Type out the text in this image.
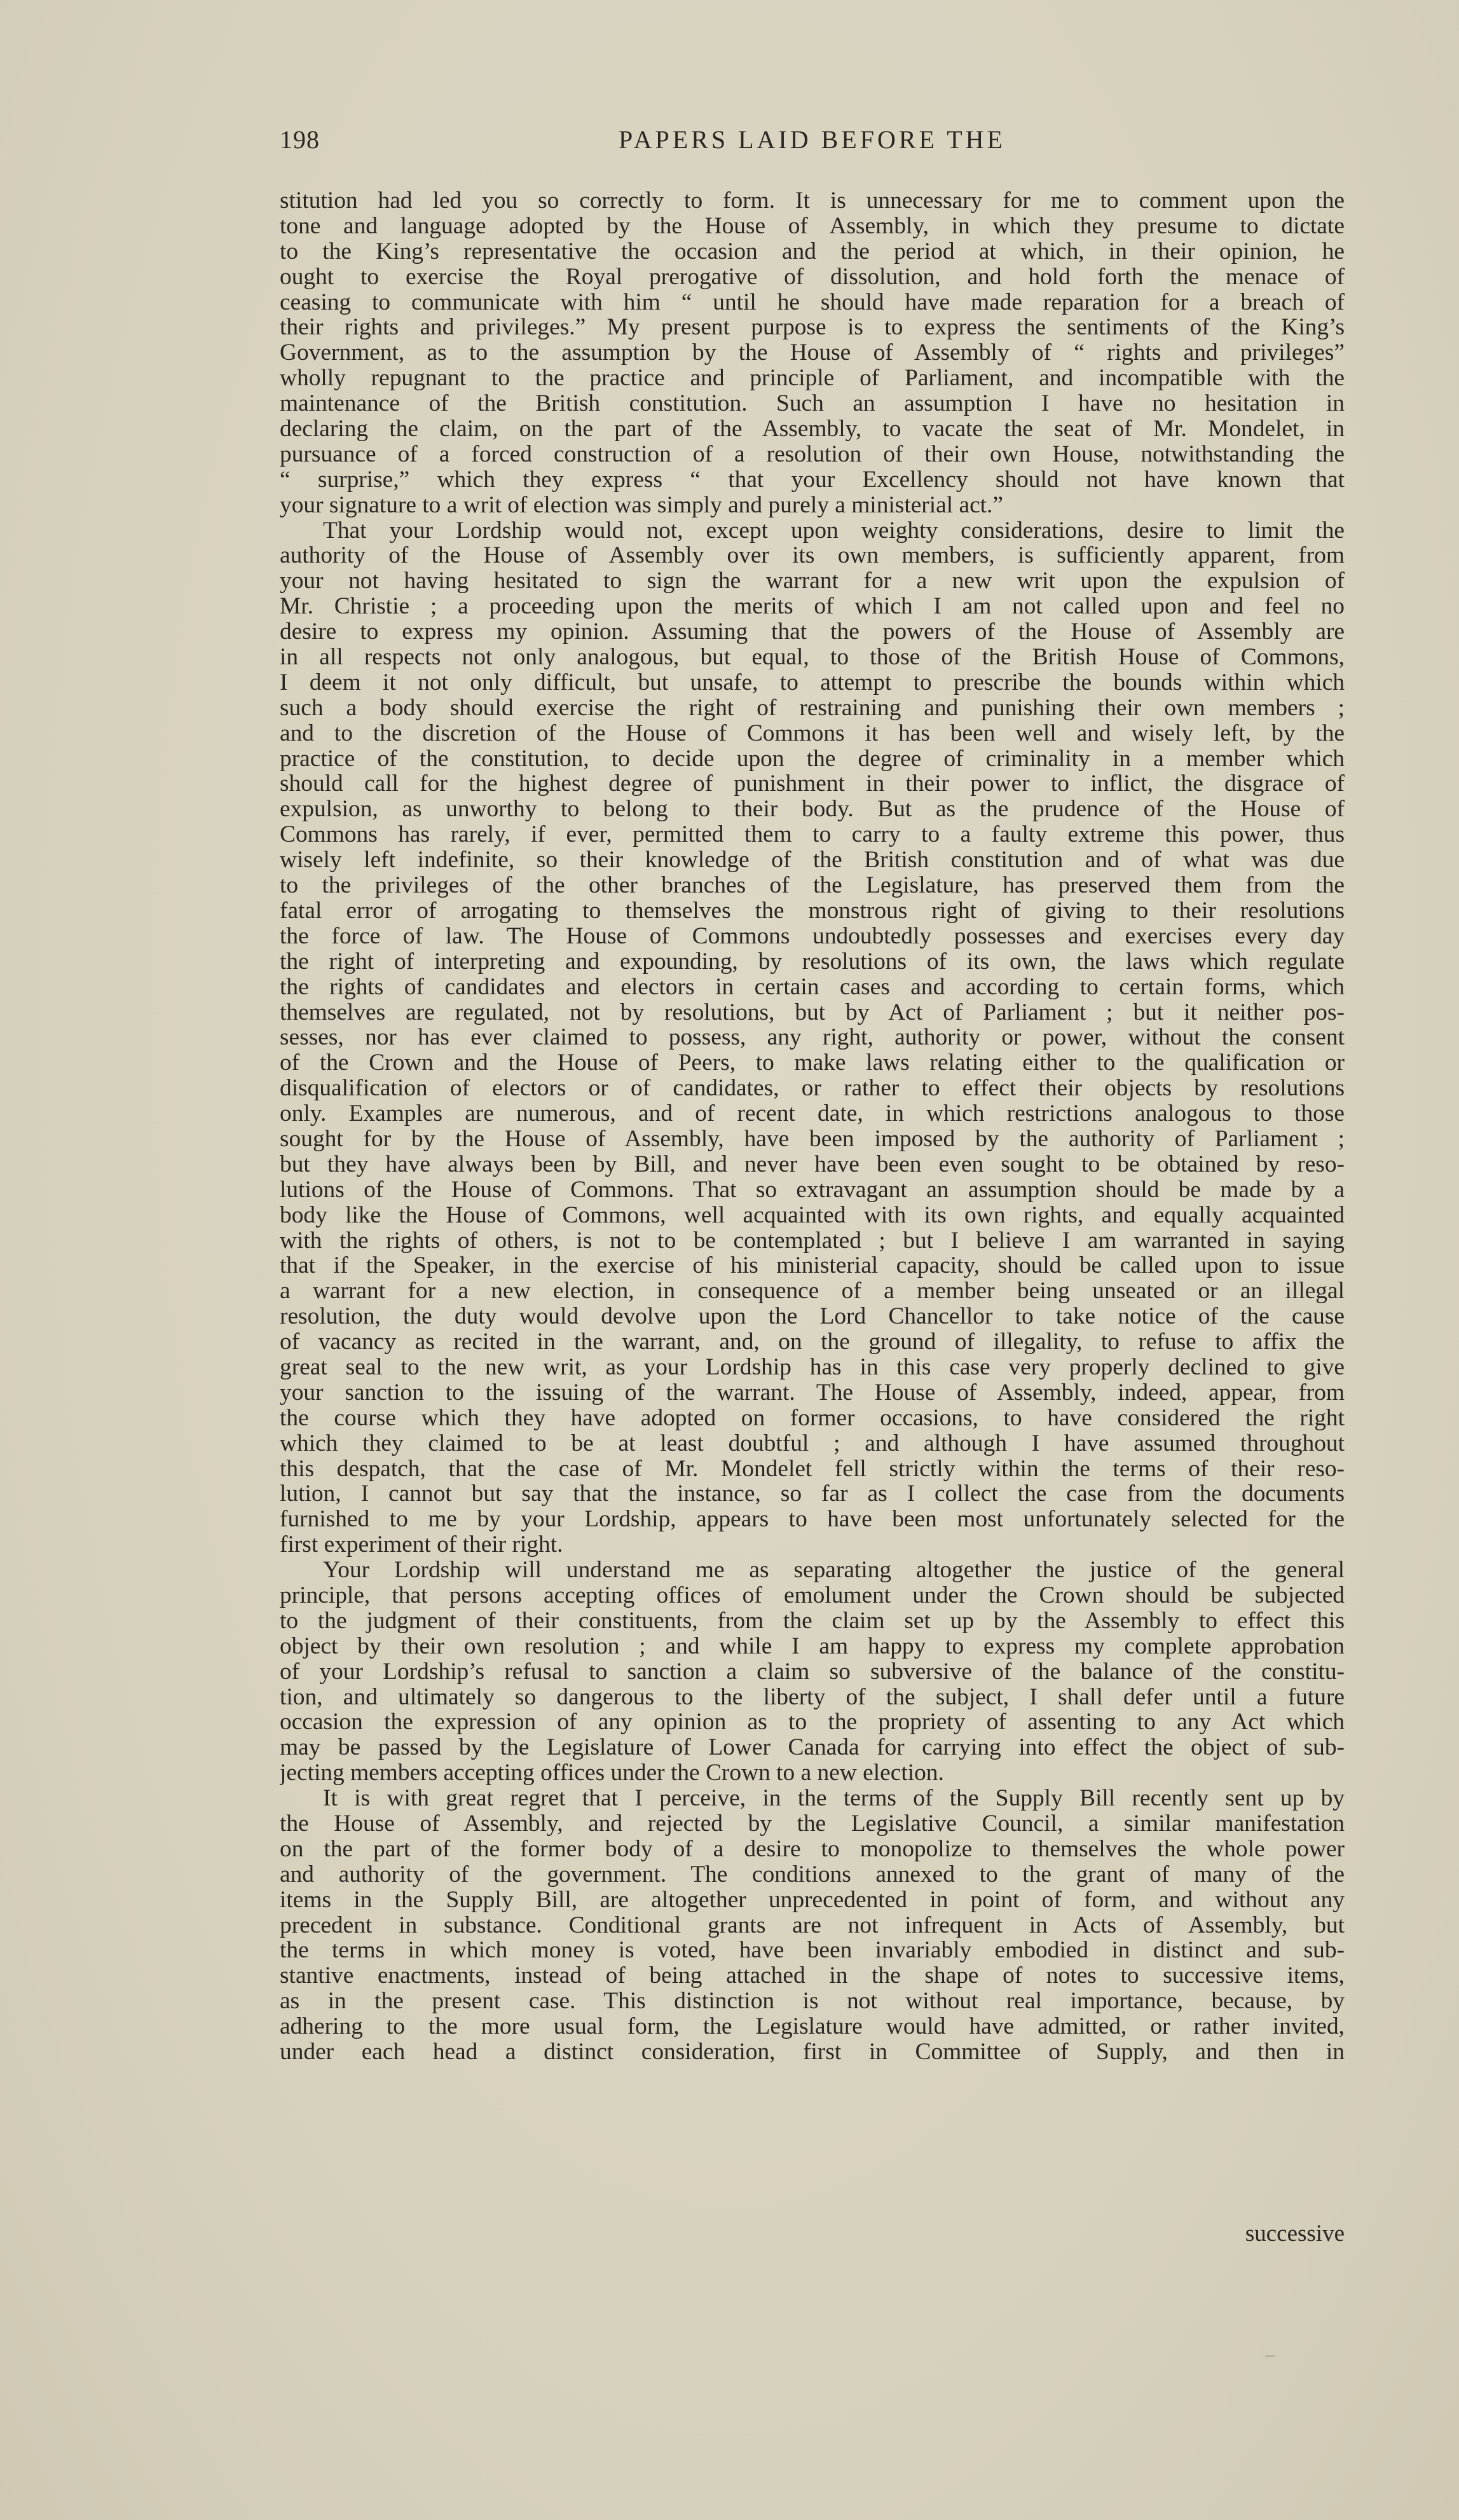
198	PAPERS LAID BEFORE THE
stitution had led you so correctly to form. It is unnecessary for me to comment upon the
tone and language adopted by the House of Assembly, in which they presume to dictate
to the King’s representative the occasion and the period at which, in their opinion, he
ought to exercise the Royal prerogative of dissolution, and hold forth the menace of
ceasing to communicate with him “ until he should have made reparation for a breach of
their rights and privileges.” My present purpose is to express the sentiments of the King’s
Government, as to the assumption by the House of Assembly of “ rights and privileges”
wholly repugnant to the practice and principle of Parliament, and incompatible with the
maintenance of the British constitution. Such an assumption I have no hesitation in
declaring the claim, on the part of the Assembly, to vacate the seat of Mr. Mondelet, in
pursuance of a forced construction of a resolution of their own House, notwithstanding the
“ surprise,” which they express “ that your Excellency should not have known that
your signature to a writ of election was simply and purely a ministerial act.”
That your Lordship would not, except upon weighty considerations, desire to limit the
authority of the House of Assembly over its own members, is sufficiently apparent, from
your not having hesitated to sign the warrant for a new writ upon the expulsion of
Mr. Christie ; a proceeding upon the merits of which I am not called upon and feel no
desire to express my opinion. Assuming that the powers of the House of Assembly are
in all respects not only analogous, but equal, to those of the British House of Commons,
I deem it not only difficult, but unsafe, to attempt to prescribe the bounds within which
such a body should exercise the right of restraining and punishing their own members ;
and to the discretion of the House of Commons it has been well and wisely left, by the
practice of the constitution, to decide upon the degree of criminality in a member which
should call for the highest degree of punishment in their power to inflict, the disgrace of
expulsion, as unworthy to belong to their body. But as the prudence of the House of
Commons has rarely, if ever, permitted them to carry to a faulty extreme this power, thus
wisely left indefinite, so their knowledge of the British constitution and of what was due
to the privileges of the other branches of the Legislature, has preserved them from the
fatal error of arrogating to themselves the monstrous right of giving to their resolutions
the force of law. The House of Commons undoubtedly possesses and exercises every day
the right of interpreting and expounding, by resolutions of its own, the laws which regulate
the rights of candidates and electors in certain cases and according to certain forms, which
themselves are regulated, not by resolutions, but by Act of Parliament ; but it neither pos-
sesses, nor has ever claimed to possess, any right, authority or power, without the consent
of the Crown and the House of Peers, to make laws relating either to the qualification or
disqualification of electors or of candidates, or rather to effect their objects by resolutions
only. Examples are numerous, and of recent date, in which restrictions analogous to those
sought for by the House of Assembly, have been imposed by the authority of Parliament ;
but they have always been by Bill, and never have been even sought to be obtained by reso-
lutions of the House of Commons. That so extravagant an assumption should be made by a
body like the House of Commons, well acquainted with its own rights, and equally acquainted
with the rights of others, is not to be contemplated ; but I believe I am warranted in saying
that if the Speaker, in the exercise of his ministerial capacity, should be called upon to issue
a warrant for a new election, in consequence of a member being unseated or an illegal
resolution, the duty would devolve upon the Lord Chancellor to take notice of the cause
of vacancy as recited in the warrant, and, on the ground of illegality, to refuse to affix the
great seal to the new writ, as your Lordship has in this case very properly declined to give
your sanction to the issuing of the warrant. The House of Assembly, indeed, appear, from
the course which they have adopted on former occasions, to have considered the right
which they claimed to be at least doubtful ; and although I have assumed throughout
this despatch, that the case of Mr. Mondelet fell strictly within the terms of their reso-
lution, I cannot but say that the instance, so far as I collect the case from the documents
furnished to me by your Lordship, appears to have been most unfortunately selected for the
first experiment of their right.
Your Lordship will understand me as separating altogether the justice of the general
principle, that persons accepting offices of emolument under the Crown should be subjected
to the judgment of their constituents, from the claim set up by the Assembly to effect this
object by their own resolution ; and while I am happy to express my complete approbation
of your Lordship’s refusal to sanction a claim so subversive of the balance of the constitu-
tion, and ultimately so dangerous to the liberty of the subject, I shall defer until a future
occasion the expression of any opinion as to the propriety of assenting to any Act which
may be passed by the Legislature of Lower Canada for carrying into effect the object of sub-
jecting members accepting offices under the Crown to a new election.
It is with great regret that I perceive, in the terms of the Supply Bill recently sent up by
the House of Assembly, and rejected by the Legislative Council, a similar manifestation
on the part of the former body of a desire to monopolize to themselves the whole power
and authority of the government. The conditions annexed to the grant of many of the
items in the Supply Bill, are altogether unprecedented in point of form, and without any
precedent in substance. Conditional grants are not infrequent in Acts of Assembly, but
the terms in which money is voted, have been invariably embodied in distinct and sub-
stantive enactments, instead of being attached in the shape of notes to successive items,
as in the present case. This distinction is not without real importance, because, by
adhering to the more usual form, the Legislature would have admitted, or rather invited,
under each head a distinct consideration, first in Committee of Supply, and then in
successive
